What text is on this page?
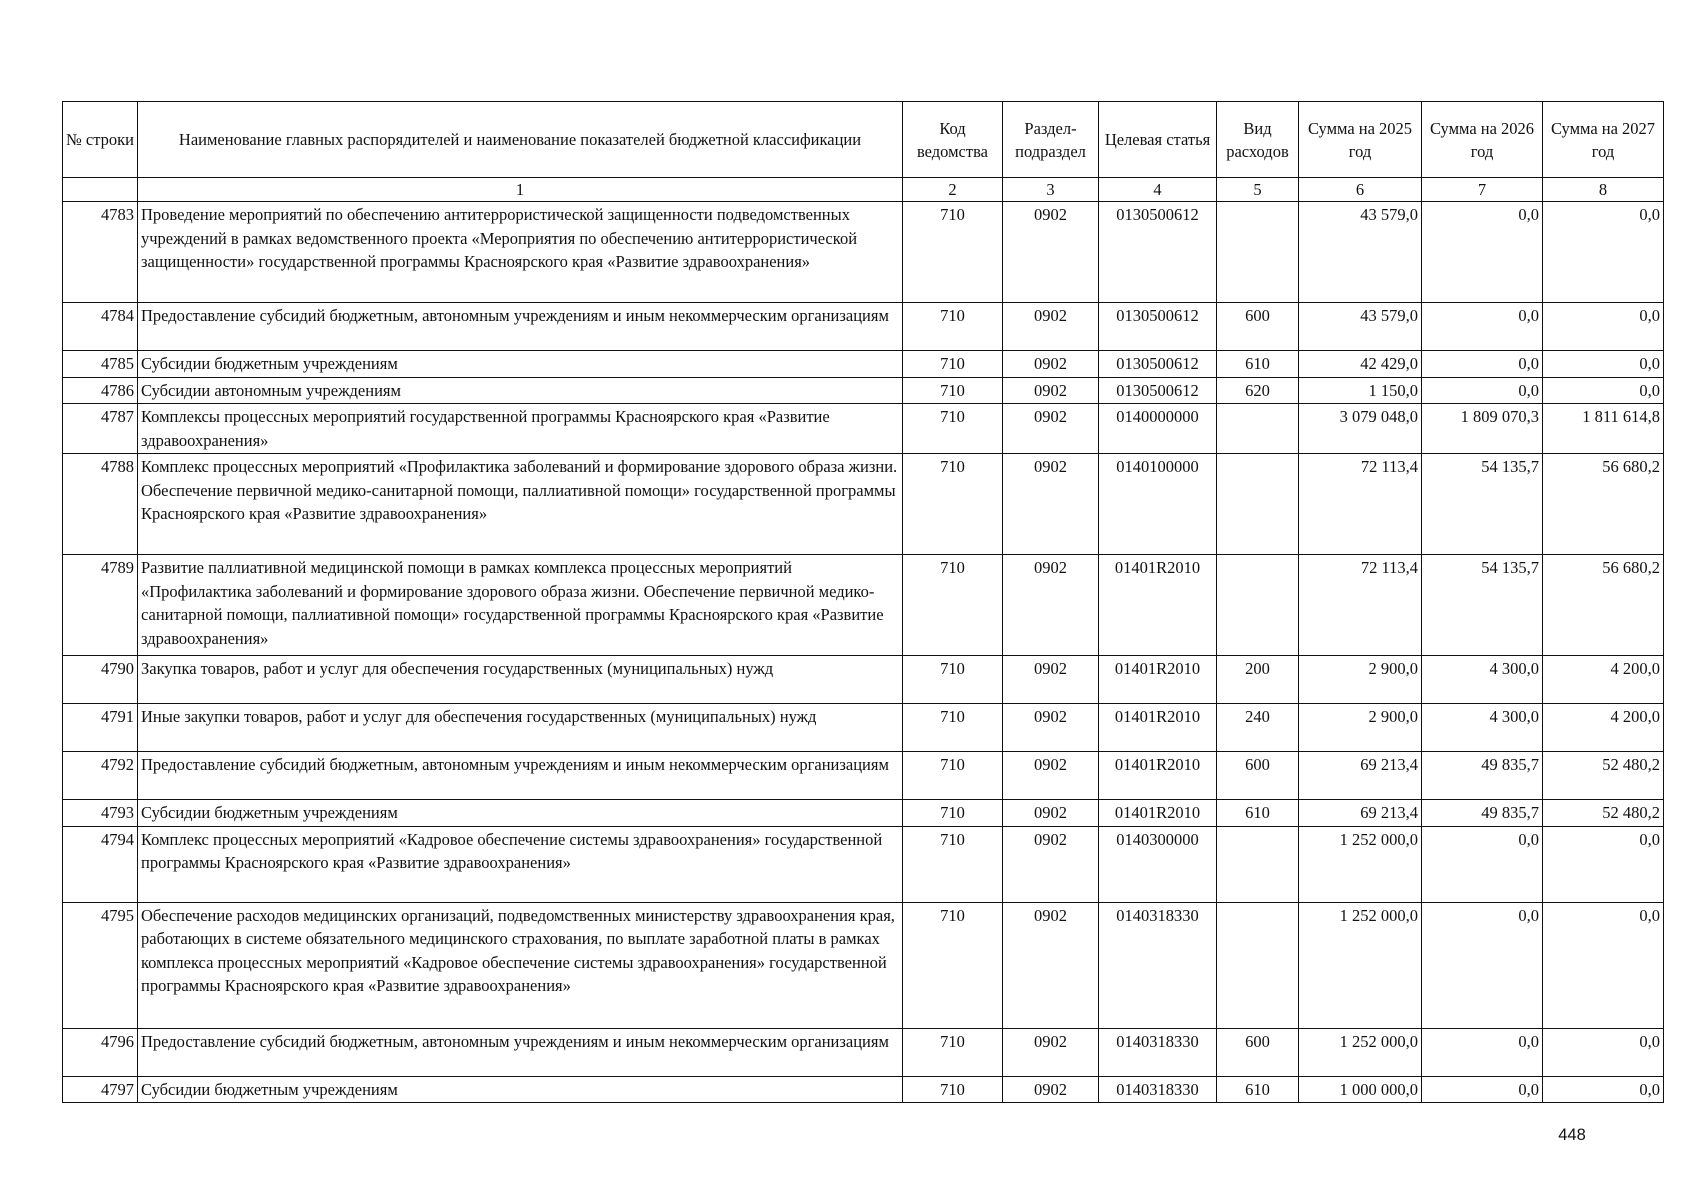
№ строки	Наименование главных распорядителей и наименование показателей бюджетной классификации	Код ведомства	Раздел-подраздел	Целевая статья	Вид расходов	Сумма на 2025 год	Сумма на 2026 год	Сумма на 2027 год
	1	2	3	4	5	6	7	8
4783	Проведение мероприятий по обеспечению антитеррористической защищенности подведомственных учреждений в рамках ведомственного проекта «Мероприятия по обеспечению антитеррористической защищенности» государственной программы Красноярского края «Развитие здравоохранения»	710	0902	0130500612		43 579,0	0,0	0,0
4784	Предоставление субсидий бюджетным, автономным учреждениям и иным некоммерческим организациям	710	0902	0130500612	600	43 579,0	0,0	0,0
4785	Субсидии бюджетным учреждениям	710	0902	0130500612	610	42 429,0	0,0	0,0
4786	Субсидии автономным учреждениям	710	0902	0130500612	620	1 150,0	0,0	0,0
4787	Комплексы процессных мероприятий государственной программы Красноярского края «Развитие здравоохранения»	710	0902	0140000000		3 079 048,0	1 809 070,3	1 811 614,8
4788	Комплекс процессных мероприятий «Профилактика заболеваний и формирование здорового образа жизни. Обеспечение первичной медико-санитарной помощи, паллиативной помощи» государственной программы Красноярского края «Развитие здравоохранения»	710	0902	0140100000		72 113,4	54 135,7	56 680,2
4789	Развитие паллиативной медицинской помощи в рамках комплекса процессных мероприятий «Профилактика заболеваний и формирование здорового образа жизни. Обеспечение первичной медико-санитарной помощи, паллиативной помощи» государственной программы Красноярского края «Развитие здравоохранения»	710	0902	01401R2010		72 113,4	54 135,7	56 680,2
4790	Закупка товаров, работ и услуг для обеспечения государственных (муниципальных) нужд	710	0902	01401R2010	200	2 900,0	4 300,0	4 200,0
4791	Иные закупки товаров, работ и услуг для обеспечения государственных (муниципальных) нужд	710	0902	01401R2010	240	2 900,0	4 300,0	4 200,0
4792	Предоставление субсидий бюджетным, автономным учреждениям и иным некоммерческим организациям	710	0902	01401R2010	600	69 213,4	49 835,7	52 480,2
4793	Субсидии бюджетным учреждениям	710	0902	01401R2010	610	69 213,4	49 835,7	52 480,2
4794	Комплекс процессных мероприятий «Кадровое обеспечение системы здравоохранения» государственной программы Красноярского края «Развитие здравоохранения»	710	0902	0140300000		1 252 000,0	0,0	0,0
4795	Обеспечение расходов медицинских организаций, подведомственных министерству здравоохранения края, работающих в системе обязательного медицинского страхования, по выплате заработной платы в рамках комплекса процессных мероприятий «Кадровое обеспечение системы здравоохранения» государственной программы Красноярского края «Развитие здравоохранения»	710	0902	0140318330		1 252 000,0	0,0	0,0
4796	Предоставление субсидий бюджетным, автономным учреждениям и иным некоммерческим организациям	710	0902	0140318330	600	1 252 000,0	0,0	0,0
4797	Субсидии бюджетным учреждениям	710	0902	0140318330	610	1 000 000,0	0,0	0,0
448
